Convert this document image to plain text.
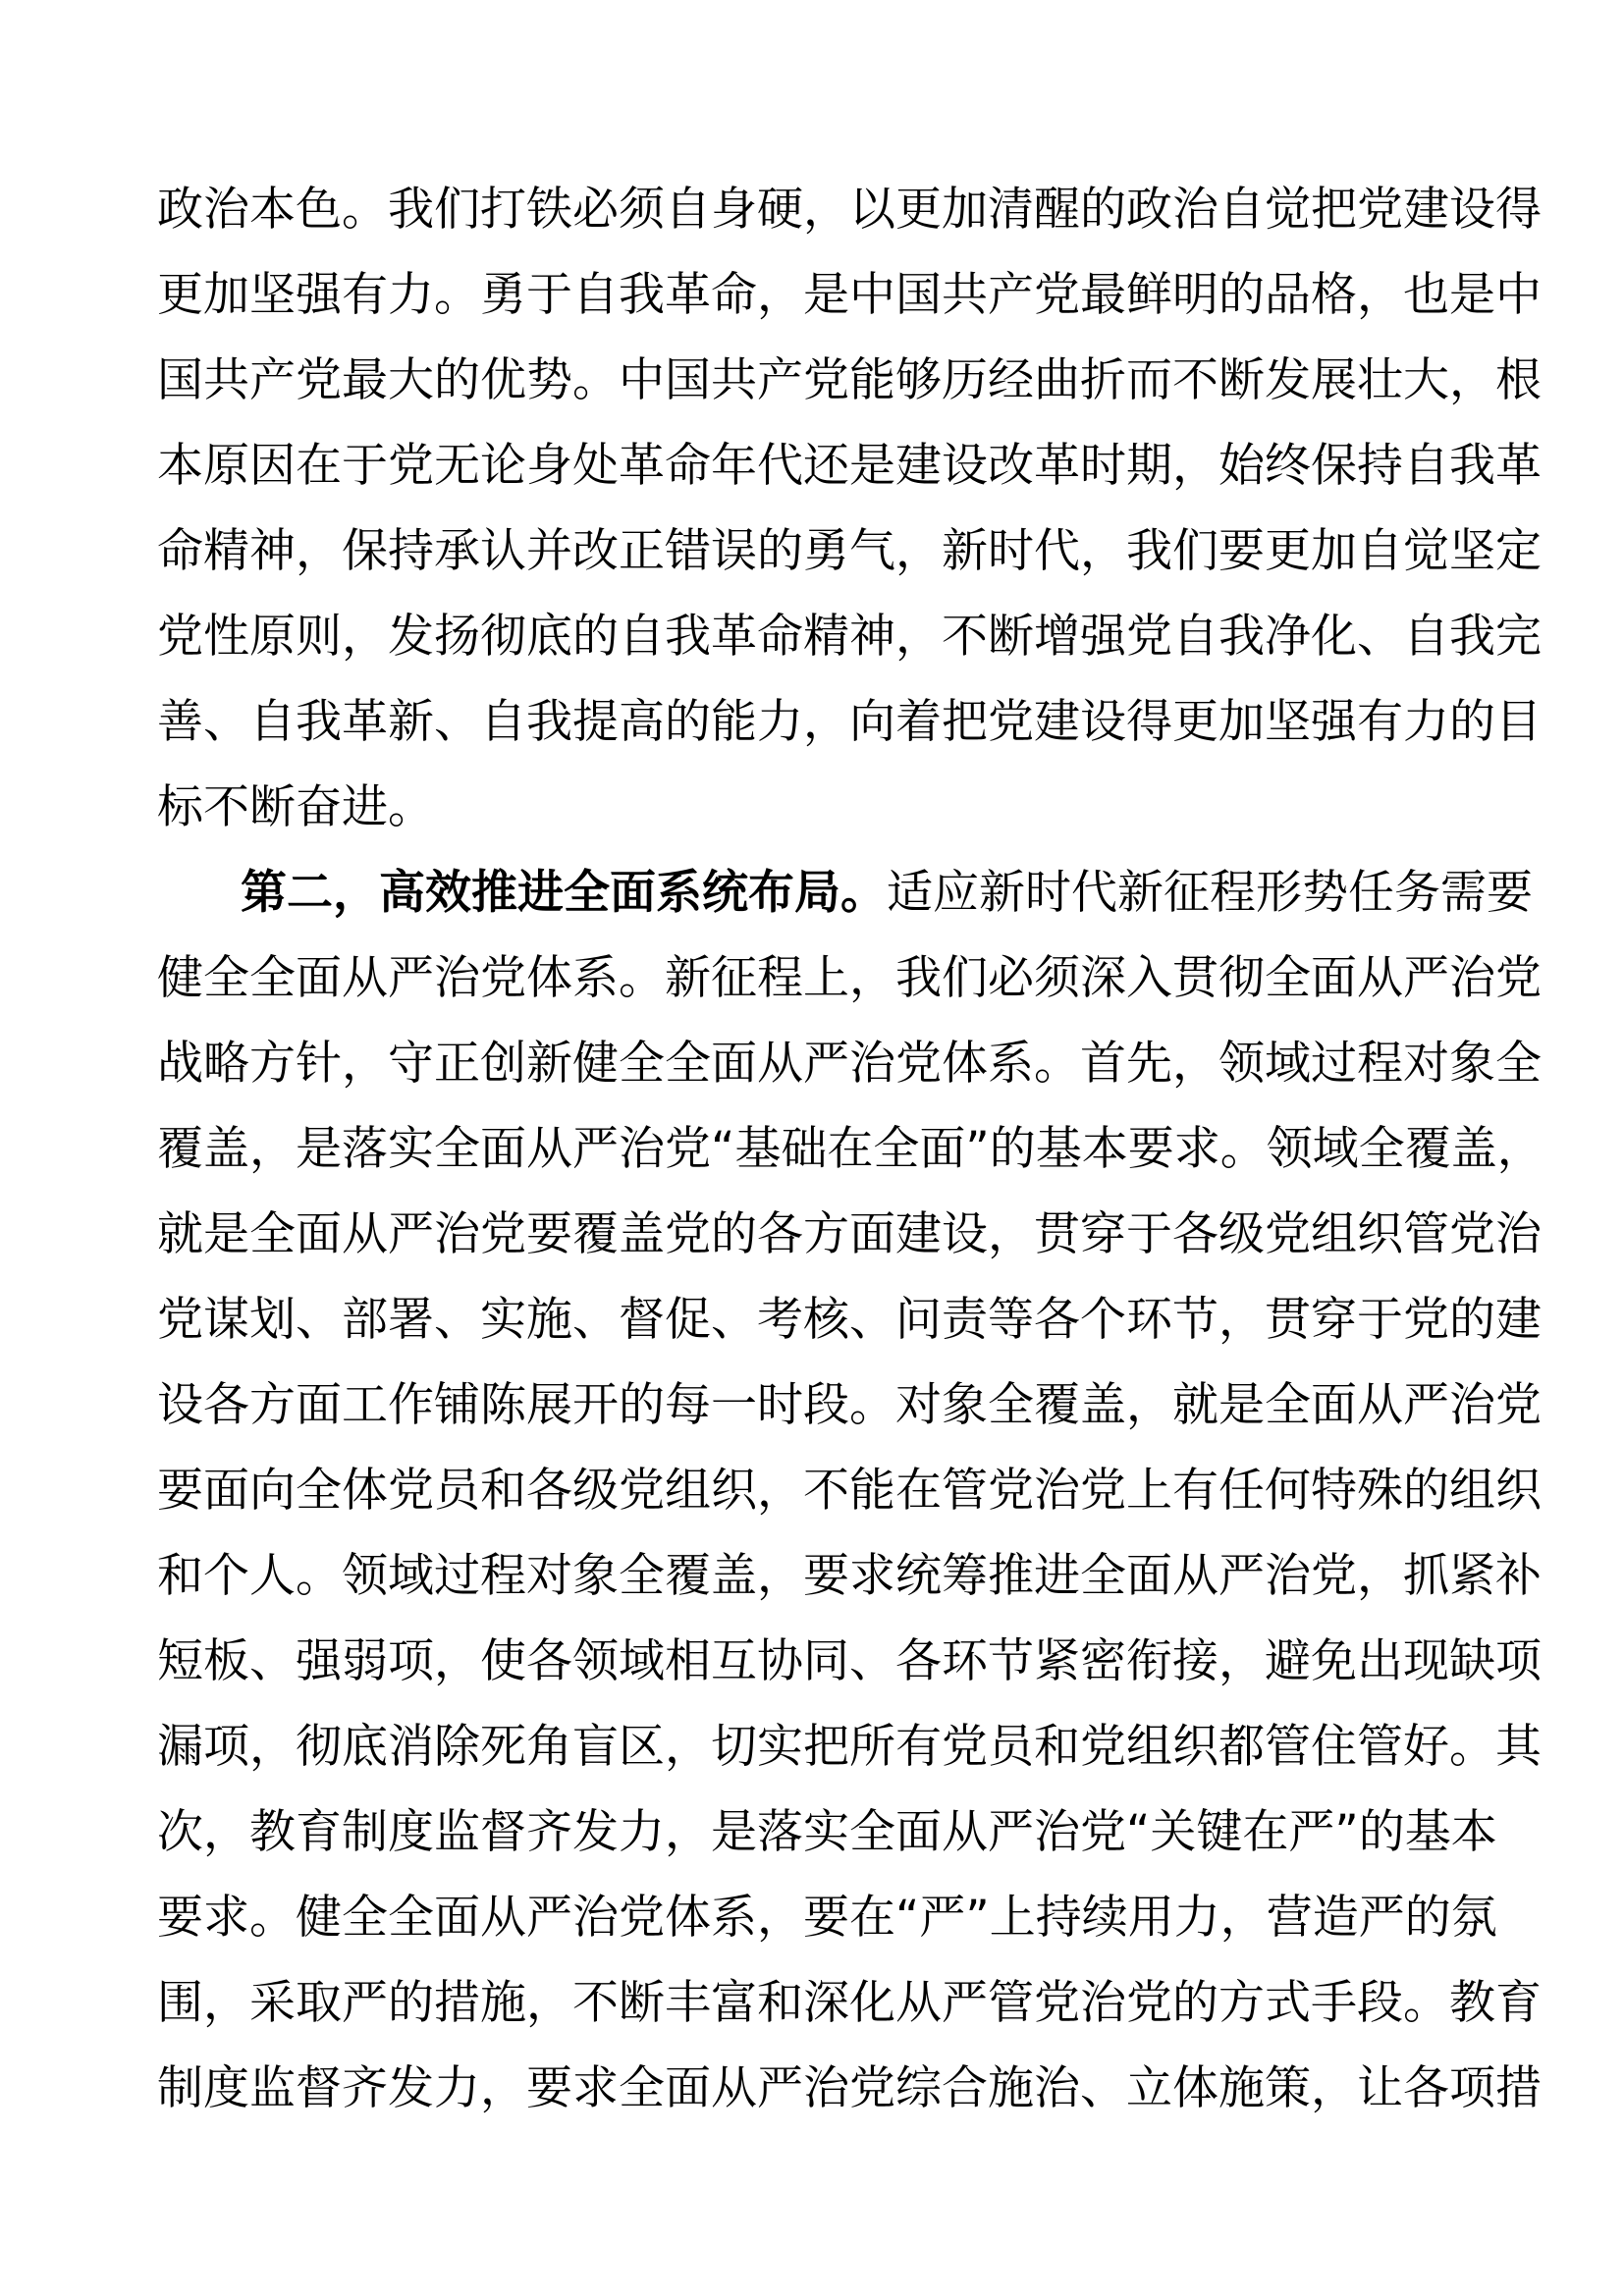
政治本色。我们打铁必须自身硬，以更加清醒的政治自觉把党建设得
更加坚强有力。勇于自我革命，是中国共产党最鲜明的品格，也是中
国共产党最大的优势。中国共产党能够历经曲折而不断发展壮大，根
本原因在于党无论身处革命年代还是建设改革时期，始终保持自我革
命精神，保持承认并改正错误的勇气，新时代，我们要更加自觉坚定
党性原则，发扬彻底的自我革命精神，不断增强党自我净化、自我完
善、自我革新、自我提高的能力，向着把党建设得更加坚强有力的目
标不断奋进。
第二，高效推进全面系统布局。适应新时代新征程形势任务需要
健全全面从严治党体系。新征程上，我们必须深入贯彻全面从严治党
战略方针，守正创新健全全面从严治党体系。首先，领域过程对象全
覆盖，是落实全面从严治党“基础在全面”的基本要求。领域全覆盖，
就是全面从严治党要覆盖党的各方面建设，贯穿于各级党组织管党治
党谋划、部署、实施、督促、考核、问责等各个环节，贯穿于党的建
设各方面工作铺陈展开的每一时段。对象全覆盖，就是全面从严治党
要面向全体党员和各级党组织，不能在管党治党上有任何特殊的组织
和个人。领域过程对象全覆盖，要求统筹推进全面从严治党，抓紧补
短板、强弱项，使各领域相互协同、各环节紧密衔接，避免出现缺项
漏项，彻底消除死角盲区，切实把所有党员和党组织都管住管好。其
次，教育制度监督齐发力，是落实全面从严治党“关键在严”的基本
要求。健全全面从严治党体系，要在“严”上持续用力，营造严的氛
围，采取严的措施，不断丰富和深化从严管党治党的方式手段。教育
制度监督齐发力，要求全面从严治党综合施治、立体施策，让各项措
